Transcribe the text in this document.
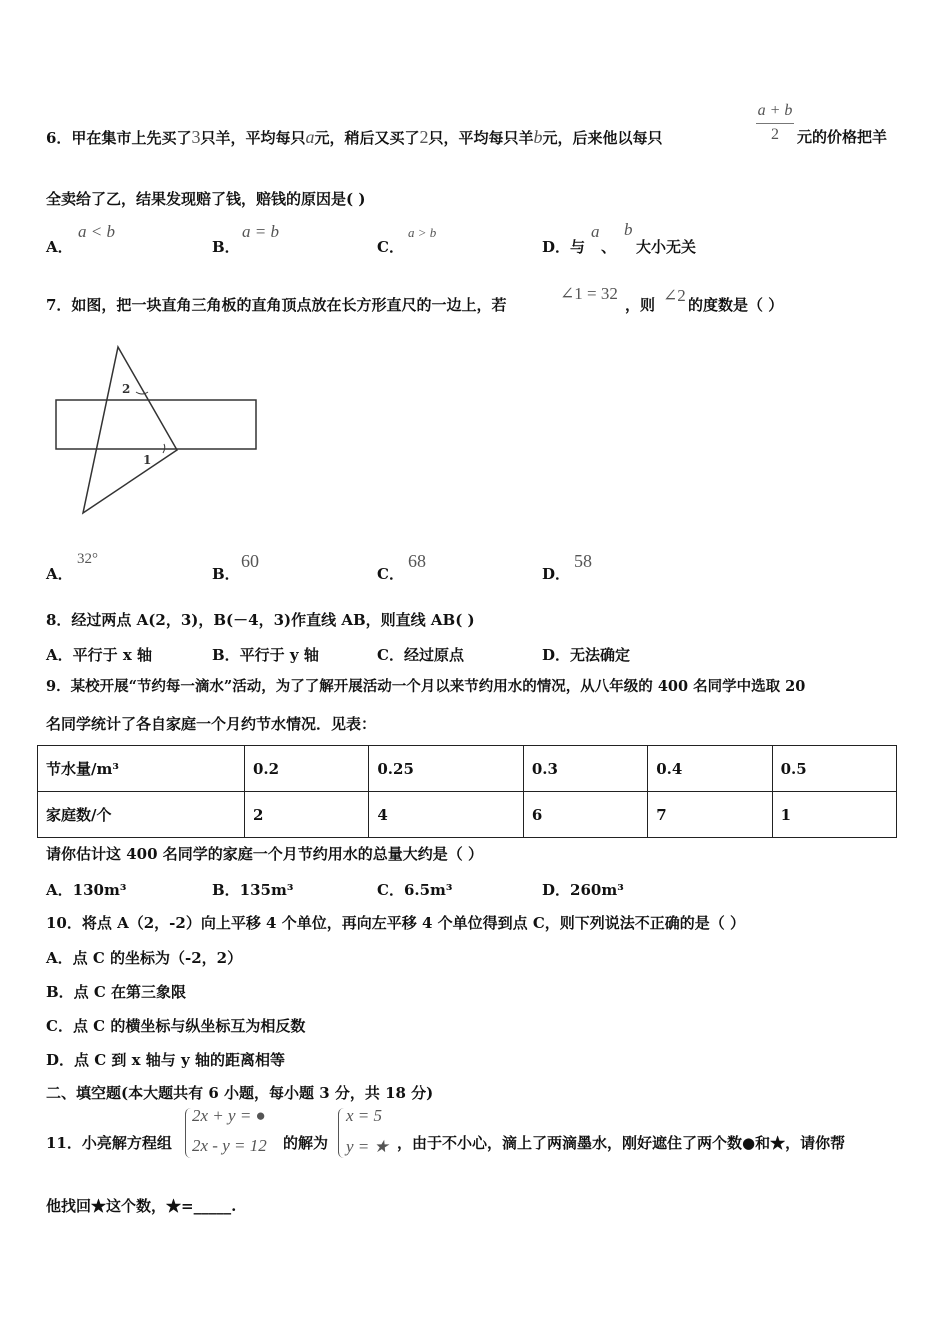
6．甲在集市上先买了3只羊，平均每只a元，稍后又买了2只，平均每只羊b元，后来他以每只
a + b
2	元的价格把羊
全卖给了乙，结果发现赔了钱，赔钱的原因是( )
A．
a < b
B．
a = b
C．
a > b
D．与
a
、
b
大小无关
7．如图，把一块直角三角板的直角顶点放在长方形直尺的一边上，若
∠1 = 32
，则 ∠2 的度数是（ ）
2
1
A．
32°
B．
60
C．
68
D．
58
8．经过两点 A(2，3)，B(－4，3)作直线 AB，则直线 AB( )
A．平行于 x 轴	B．平行于 y 轴	C．经过原点	D．无法确定
9．某校开展“节约每一滴水”活动，为了了解开展活动一个月以来节约用水的情况，从八年级的 400 名同学中选取 20
名同学统计了各自家庭一个月约节水情况．见表：
节水量/m³	0.2	0.25	0.3	0.4	0.5
家庭数/个	2	4	6	7	1
请你估计这 400 名同学的家庭一个月节约用水的总量大约是（ ）
A．130m³	B．135m³	C．6.5m³	D．260m³
10．将点 A（2，-2）向上平移 4 个单位，再向左平移 4 个单位得到点 C，则下列说法不正确的是（ ）
A．点 C 的坐标为（-2，2）
B．点 C 在第三象限
C．点 C 的横坐标与纵坐标互为相反数
D．点 C 到 x 轴与 y 轴的距离相等
二、填空题(本大题共有 6 小题，每小题 3 分，共 18 分)
11．小亮解方程组
2x + y = ●
2x - y = 12 的解为
x = 5
y = ★ ，由于不小心，滴上了两滴墨水，刚好遮住了两个数●和★，请你帮
他找回★这个数，★=_____.
